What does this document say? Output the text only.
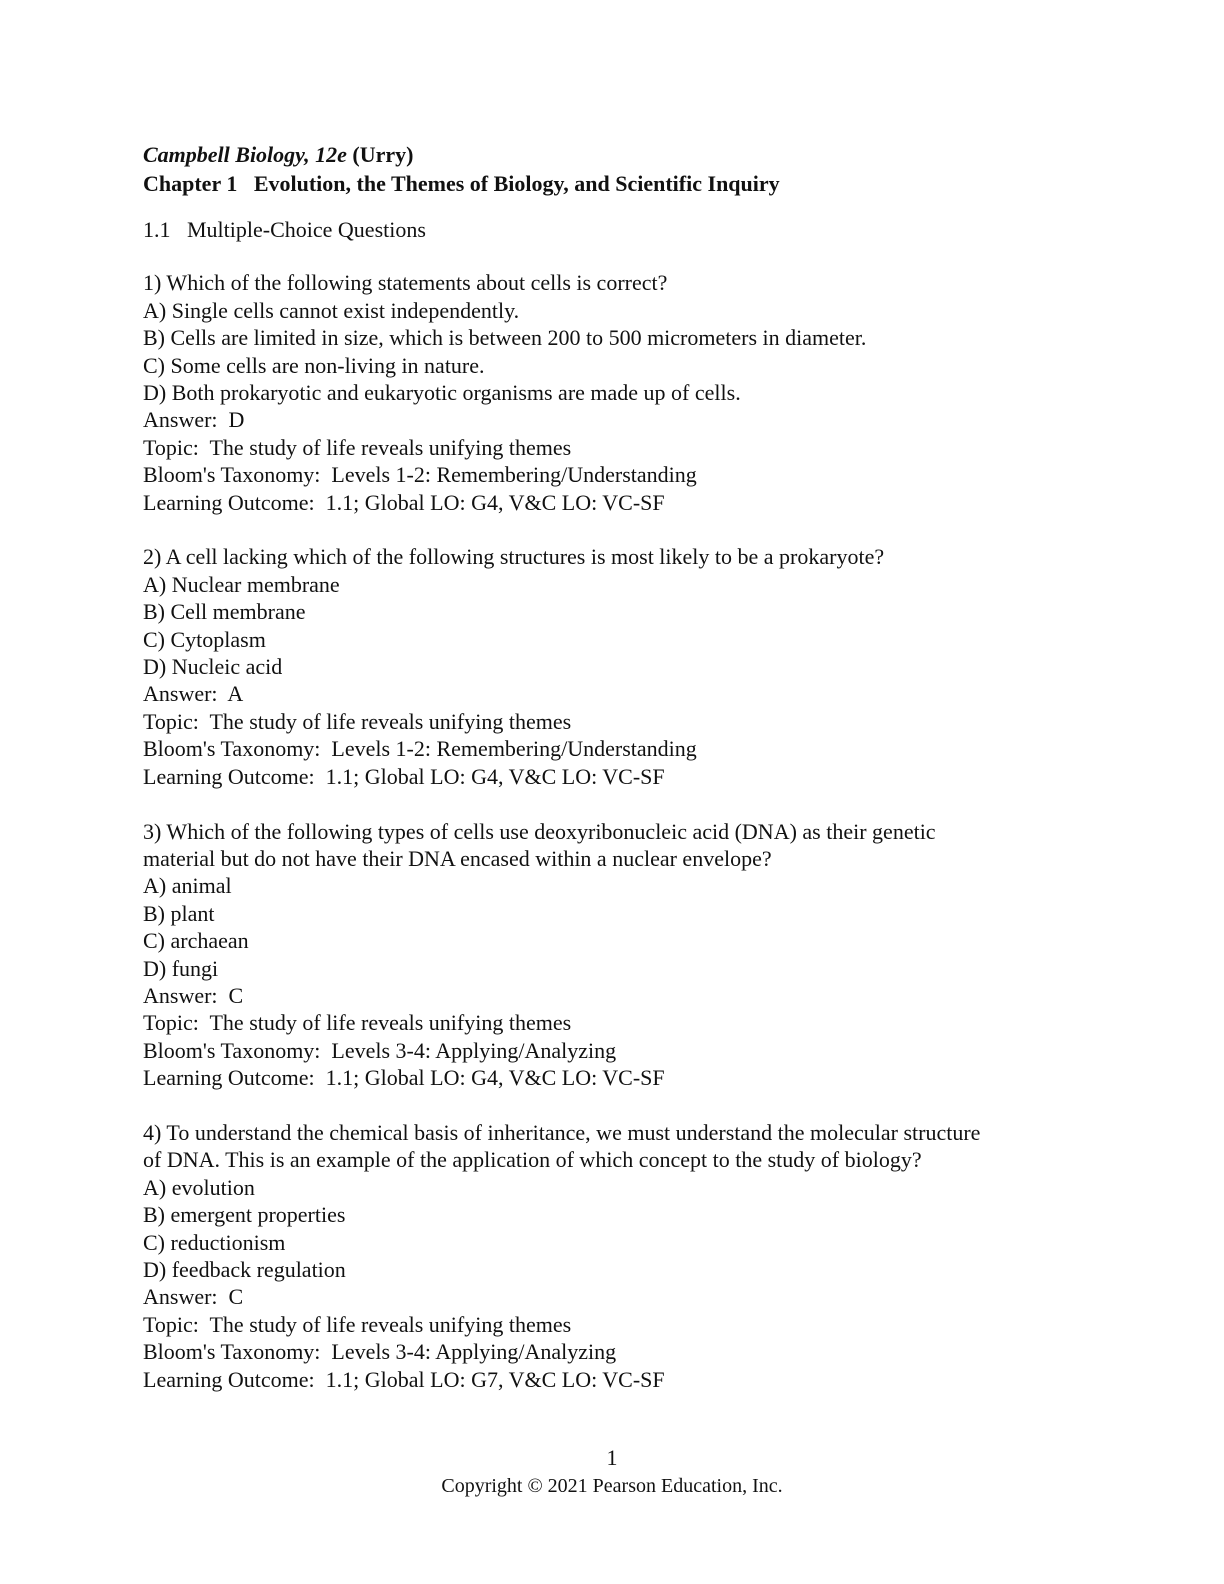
Campbell Biology, 12e (Urry)
Chapter 1   Evolution, the Themes of Biology, and Scientific Inquiry
1.1   Multiple-Choice Questions
1) Which of the following statements about cells is correct?
A) Single cells cannot exist independently.
B) Cells are limited in size, which is between 200 to 500 micrometers in diameter.
C) Some cells are non-living in nature.
D) Both prokaryotic and eukaryotic organisms are made up of cells.
Answer:  D
Topic:  The study of life reveals unifying themes
Bloom's Taxonomy:  Levels 1-2: Remembering/Understanding
Learning Outcome:  1.1; Global LO: G4, V&C LO: VC-SF
2) A cell lacking which of the following structures is most likely to be a prokaryote?
A) Nuclear membrane
B) Cell membrane
C) Cytoplasm
D) Nucleic acid
Answer:  A
Topic:  The study of life reveals unifying themes
Bloom's Taxonomy:  Levels 1-2: Remembering/Understanding
Learning Outcome:  1.1; Global LO: G4, V&C LO: VC-SF
3) Which of the following types of cells use deoxyribonucleic acid (DNA) as their genetic
material but do not have their DNA encased within a nuclear envelope?
A) animal
B) plant
C) archaean
D) fungi
Answer:  C
Topic:  The study of life reveals unifying themes
Bloom's Taxonomy:  Levels 3-4: Applying/Analyzing
Learning Outcome:  1.1; Global LO: G4, V&C LO: VC-SF
4) To understand the chemical basis of inheritance, we must understand the molecular structure
of DNA. This is an example of the application of which concept to the study of biology?
A) evolution
B) emergent properties
C) reductionism
D) feedback regulation
Answer:  C
Topic:  The study of life reveals unifying themes
Bloom's Taxonomy:  Levels 3-4: Applying/Analyzing
Learning Outcome:  1.1; Global LO: G7, V&C LO: VC-SF
1
Copyright © 2021 Pearson Education, Inc.
